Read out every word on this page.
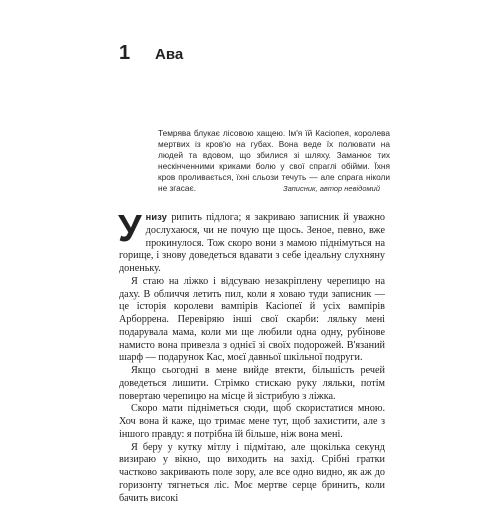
1	Ава
Темрява блукає лісовою хащею. Ім'я їй Касіопея, королева мертвих із кров'ю на губах. Вона веде їх полювати на людей та вдовом, що збилися зі шляху. Заманює тих нескінченними криками болю у свої спраглі обійми. Їхня кров проливається, їхні сльози течуть — але спрага ніколи не згасає.	Записник, автор невідомий

Унизу рипить підлога; я закриваю записник й уважно дослухаюся, чи не почую ще щось. Зеное, певно, вже прокинулося. Тож скоро вони з мамою піднімуться на горище, і знову доведеться вдавати з себе ідеальну слухняну доненьку.

Я стаю на ліжко і відсуваю незакріплену черепицю на даху. В обличчя летить пил, коли я ховаю туди записник — це історія королеви вампірів Касіопеї й усіх вампірів Арборрена. Перевіряю інші свої скарби: ляльку мені подарувала мама, коли ми ще любили одна одну, рубінове намисто вона привезла з однієї зі своїх подорожей. В'язаний шарф — подарунок Кас, моєї давньої шкільної подруги.

Якщо сьогодні в мене вийде втекти, більшість речей доведеться лишити. Стрімко стискаю руку ляльки, потім повертаю черепицю на місце й зістрибую з ліжка.

Скоро мати підніметься сюди, щоб скористатися мною. Хоч вона й каже, що тримає мене тут, щоб захистити, але з іншого правду: я потрібна їй більше, ніж вона мені.

Я беру у кутку мітлу і підмітаю, але щокілька секунд визираю у вікно, що виходить на захід. Срібні гратки частково закривають поле зору, але все одно видно, як аж до горизонту тягнеться ліс. Моє мертве серце бринить, коли бачить високі
